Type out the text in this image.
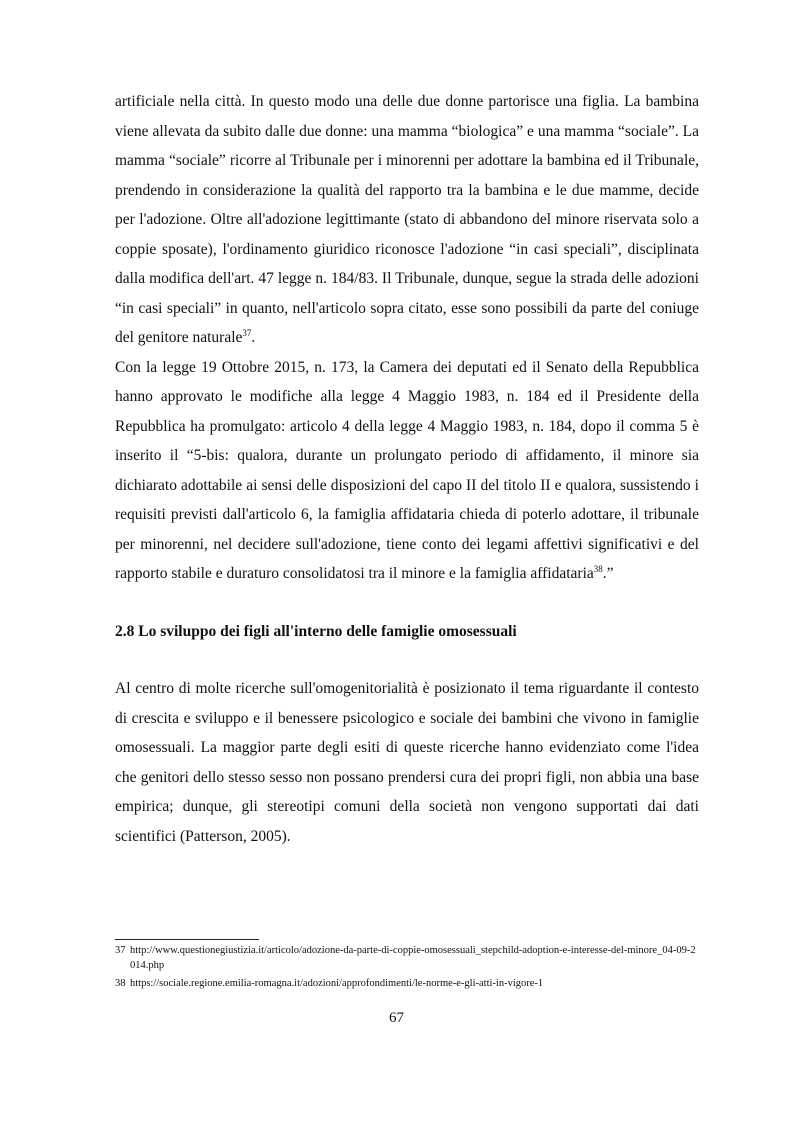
artificiale nella città. In questo modo una delle due donne partorisce una figlia. La bambina viene allevata da subito dalle due donne: una mamma “biologica” e una mamma “sociale”. La mamma “sociale” ricorre al Tribunale per i minorenni per adottare la bambina ed il Tribunale, prendendo in considerazione la qualità del rapporto tra la bambina e le due mamme, decide per l'adozione. Oltre all'adozione legittimante (stato di abbandono del minore riservata solo a coppie sposate), l'ordinamento giuridico riconosce l'adozione “in casi speciali”, disciplinata dalla modifica dell'art. 47 legge n. 184/83. Il Tribunale, dunque, segue la strada delle adozioni “in casi speciali” in quanto, nell'articolo sopra citato, esse sono possibili da parte del coniuge del genitore naturale$^{37}$.

Con la legge 19 Ottobre 2015, n. 173, la Camera dei deputati ed il Senato della Repubblica hanno approvato le modifiche alla legge 4 Maggio 1983, n. 184 ed il Presidente della Repubblica ha promulgato: articolo 4 della legge 4 Maggio 1983, n. 184, dopo il comma 5 è inserito il “5-bis: qualora, durante un prolungato periodo di affidamento, il minore sia dichiarato adottabile ai sensi delle disposizioni del capo II del titolo II e qualora, sussistendo i requisiti previsti dall'articolo 6, la famiglia affidataria chieda di poterlo adottare, il tribunale per minorenni, nel decidere sull'adozione, tiene conto dei legami affettivi significativi e del rapporto stabile e duraturo consolidatosi tra il minore e la famiglia affidataria$^{38}$.”

2.8 Lo sviluppo dei figli all'interno delle famiglie omosessuali

Al centro di molte ricerche sull'omogenitorialità è posizionato il tema riguardante il contesto di crescita e sviluppo e il benessere psicologico e sociale dei bambini che vivono in famiglie omosessuali. La maggior parte degli esiti di queste ricerche hanno evidenziato come l'idea che genitori dello stesso sesso non possano prendersi cura dei propri figli, non abbia una base empirica; dunque, gli stereotipi comuni della società non vengono supportati dai dati scientifici (Patterson, 2005).

37 http://www.questionegiustizia.it/articolo/adozione-da-parte-di-coppie-omosessuali_stepchild-adoption-e-interesse-del-minore_04-09-2014.php
38 https://sociale.regione.emilia-romagna.it/adozioni/approfondimenti/le-norme-e-gli-atti-in-vigore-1
67
